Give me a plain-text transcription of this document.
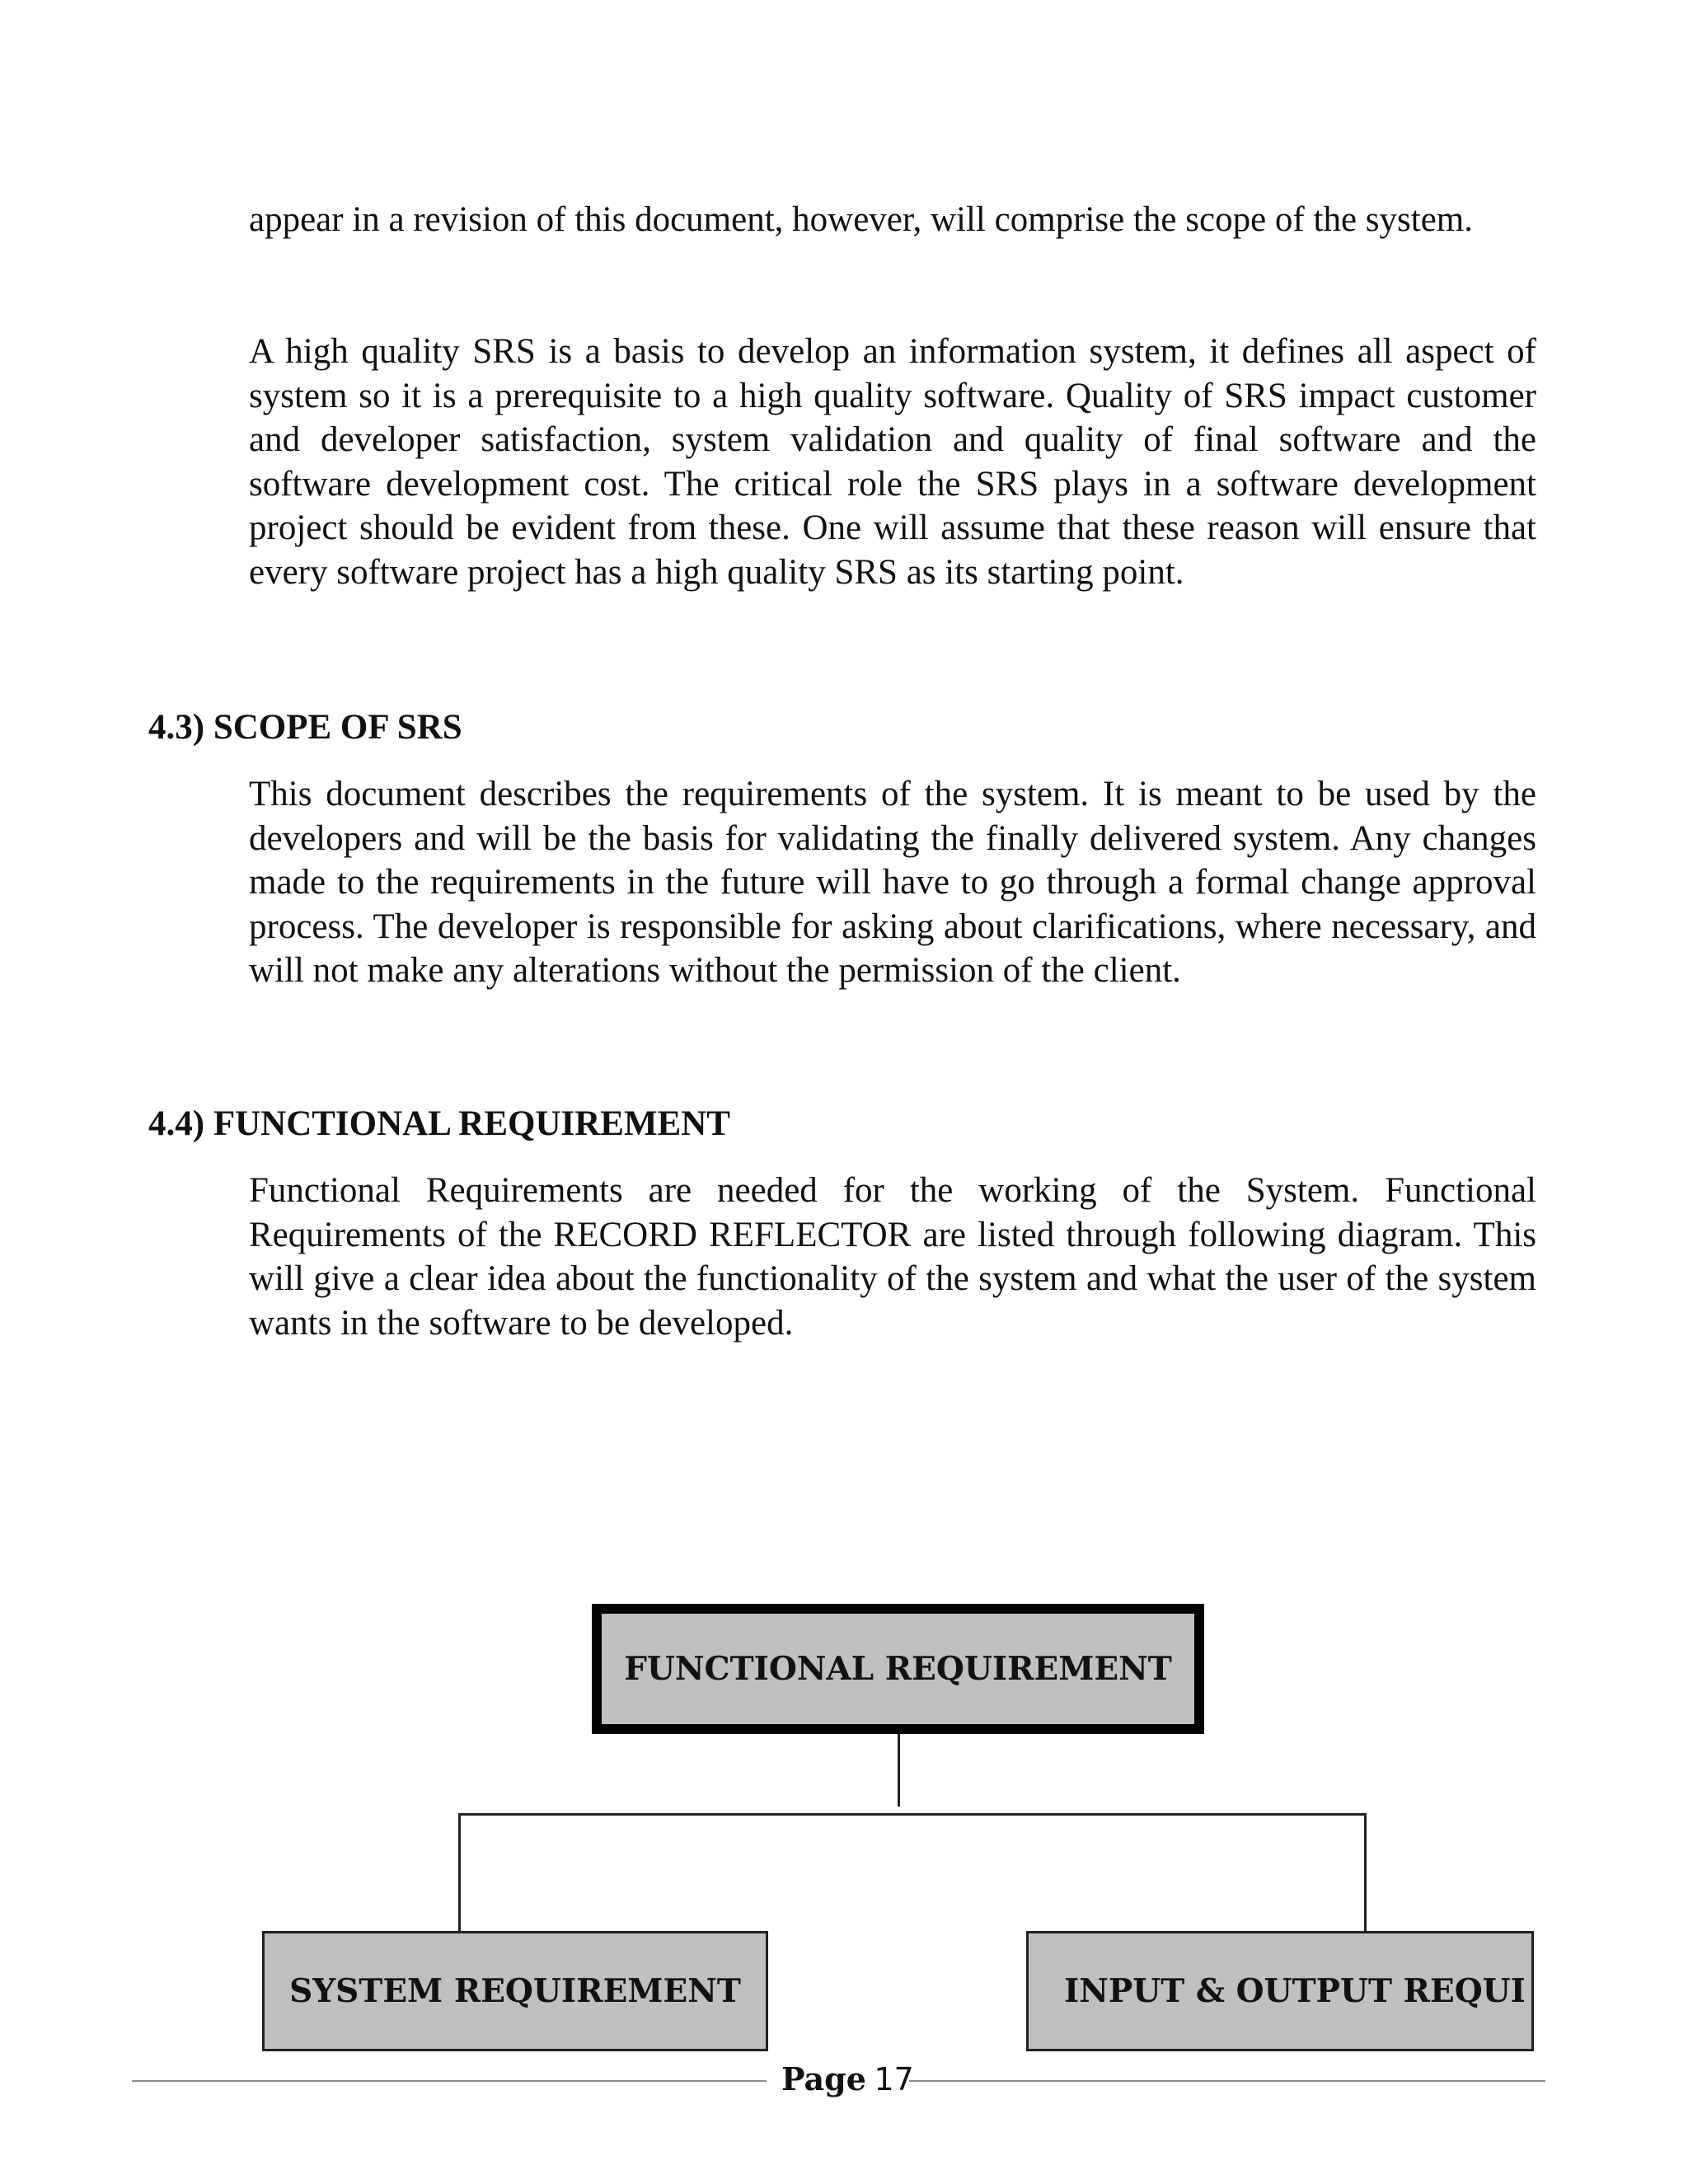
appear in a revision of this document, however, will comprise the scope of the system.

A high quality SRS is a basis to develop an information system, it defines all aspect of system so it is a prerequisite to a high quality software. Quality of SRS impact customer and developer satisfaction, system validation and quality of final software and the software development cost. The critical role the SRS plays in a software development project should be evident from these. One will assume that these reason will ensure that every software project has a high quality SRS as its starting point.

4.3) SCOPE OF SRS

This document describes the requirements of the system. It is meant to be used by the developers and will be the basis for validating the finally delivered system. Any changes made to the requirements in the future will have to go through a formal change approval process. The developer is responsible for asking about clarifications, where necessary, and will not make any alterations without the permission of the client.

4.4) FUNCTIONAL REQUIREMENT

Functional Requirements are needed for the working of the System. Functional Requirements of the RECORD REFLECTOR are listed through following diagram. This will give a clear idea about the functionality of the system and what the user of the system wants in the software to be developed.

FUNCTIONAL REQUIREMENT
SYSTEM REQUIREMENT	INPUT & OUTPUT REQUI
Page 17
